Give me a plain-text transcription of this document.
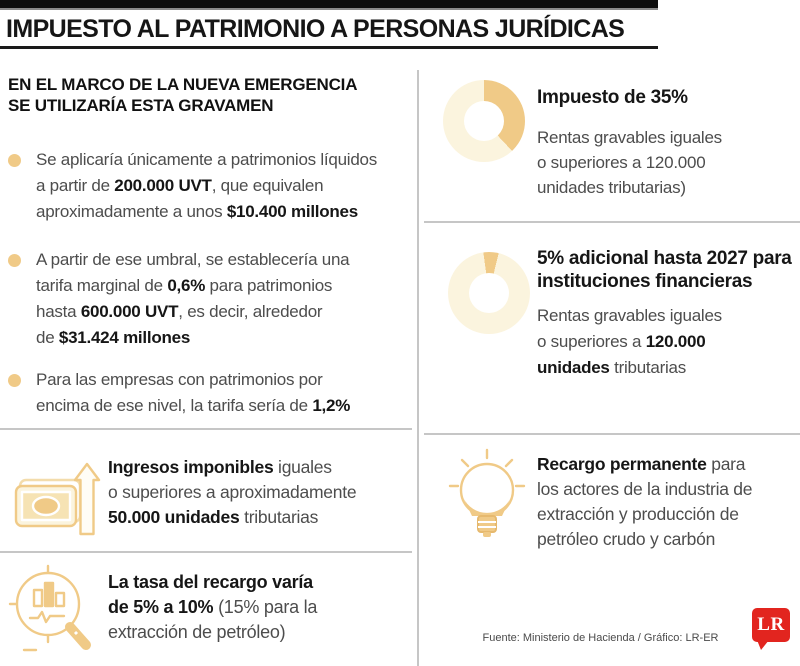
IMPUESTO AL PATRIMONIO A PERSONAS JURÍDICAS
EN EL MARCO DE LA NUEVA EMERGENCIA
SE UTILIZARÍA ESTA GRAVAMEN
Se aplicaría únicamente a patrimonios líquidos
a partir de 200.000 UVT, que equivalen
aproximadamente a unos $10.400 millones
A partir de ese umbral, se establecería una
tarifa marginal de 0,6% para patrimonios
hasta 600.000 UVT, es decir, alrededor
de $31.424 millones
Para las empresas con patrimonios por
encima de ese nivel, la tarifa sería de 1,2%
Ingresos imponibles iguales
o superiores a aproximadamente
50.000 unidades tributarias
La tasa del recargo varía
de 5% a 10% (15% para la
extracción de petróleo)
Impuesto de 35%
Rentas gravables iguales
o superiores a 120.000
unidades tributarias)
5% adicional hasta 2027 para
instituciones financieras
Rentas gravables iguales
o superiores a 120.000
unidades tributarias
Recargo permanente para
los actores de la industria de
extracción y producción de
petróleo crudo y carbón
Fuente: Ministerio de Hacienda / Gráfico: LR-ER
LR
